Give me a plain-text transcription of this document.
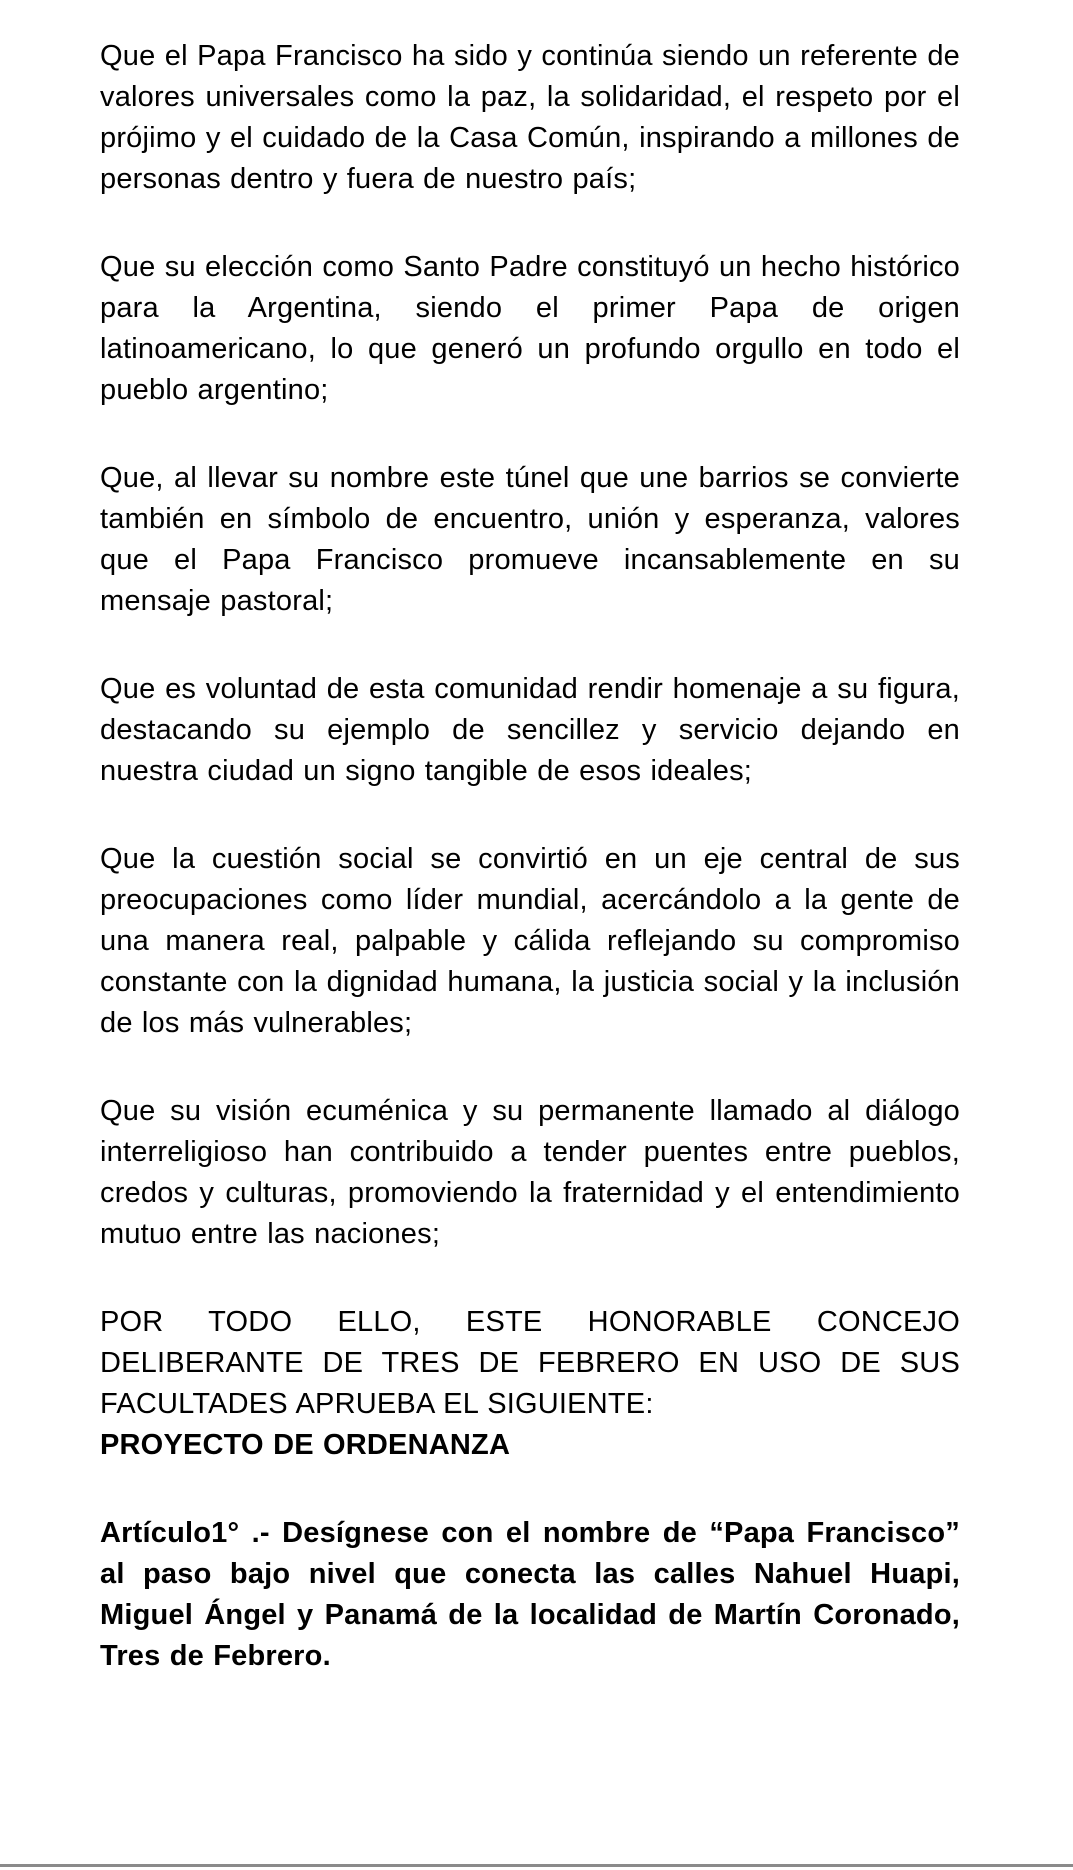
Que el Papa Francisco ha sido y continúa siendo un referente de valores universales como la paz, la solidaridad, el respeto por el prójimo y el cuidado de la Casa Común, inspirando a millones de personas dentro y fuera de nuestro país;

Que su elección como Santo Padre constituyó un hecho histórico para la Argentina, siendo el primer Papa de origen latinoamericano, lo que generó un profundo orgullo en todo el pueblo argentino;

Que, al llevar su nombre este túnel que une barrios se convierte también en símbolo de encuentro, unión y esperanza, valores que el Papa Francisco promueve incansablemente en su mensaje pastoral;

Que es voluntad de esta comunidad rendir homenaje a su figura, destacando su ejemplo de sencillez y servicio dejando en nuestra ciudad un signo tangible de esos ideales;

Que la cuestión social se convirtió en un eje central de sus preocupaciones como líder mundial, acercándolo a la gente de una manera real, palpable y cálida reflejando su compromiso constante con la dignidad humana, la justicia social y la inclusión de los más vulnerables;

Que su visión ecuménica y su permanente llamado al diálogo interreligioso han contribuido a tender puentes entre pueblos, credos y culturas, promoviendo la fraternidad y el entendimiento mutuo entre las naciones;

POR TODO ELLO, ESTE HONORABLE CONCEJO DELIBERANTE DE TRES DE FEBRERO EN USO DE SUS FACULTADES APRUEBA EL SIGUIENTE:
PROYECTO DE ORDENANZA

Artículo1° .- Desígnese con el nombre de “Papa Francisco” al paso bajo nivel que conecta las calles Nahuel Huapi, Miguel Ángel y Panamá de la localidad de Martín Coronado, Tres de Febrero.
